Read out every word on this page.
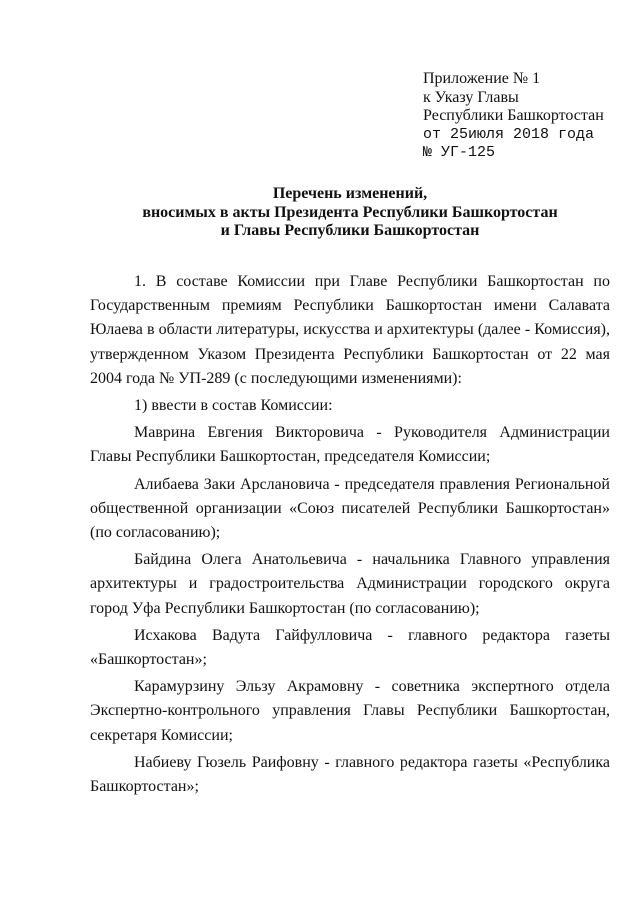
Приложение № 1
к Указу Главы
Республики Башкортостан
от 25июля 2018 года
№ УГ-125
Перечень изменений,
вносимых в акты Президента Республики Башкортостан
и Главы Республики Башкортостан

1. В составе Комиссии при Главе Республики Башкортостан по Государственным премиям Республики Башкортостан имени Салавата Юлаева в области литературы, искусства и архитектуры (далее - Комиссия), утвержденном Указом Президента Республики Башкортостан от 22 мая 2004 года № УП-289 (с последующими изменениями):

1) ввести в состав Комиссии:

Маврина Евгения Викторовича - Руководителя Администрации Главы Республики Башкортостан, председателя Комиссии;

Алибаева Заки Арслановича - председателя правления Региональной общественной организации «Союз писателей Республики Башкортостан» (по согласованию);

Байдина Олега Анатольевича - начальника Главного управления архитектуры и градостроительства Администрации городского округа город Уфа Республики Башкортостан (по согласованию);

Исхакова Вадута Гайфулловича - главного редактора газеты «Башкортостан»;

Карамурзину Эльзу Акрамовну - советника экспертного отдела Экспертно-контрольного управления Главы Республики Башкортостан, секретаря Комиссии;

Набиеву Гюзель Раифовну - главного редактора газеты «Республика Башкортостан»;
